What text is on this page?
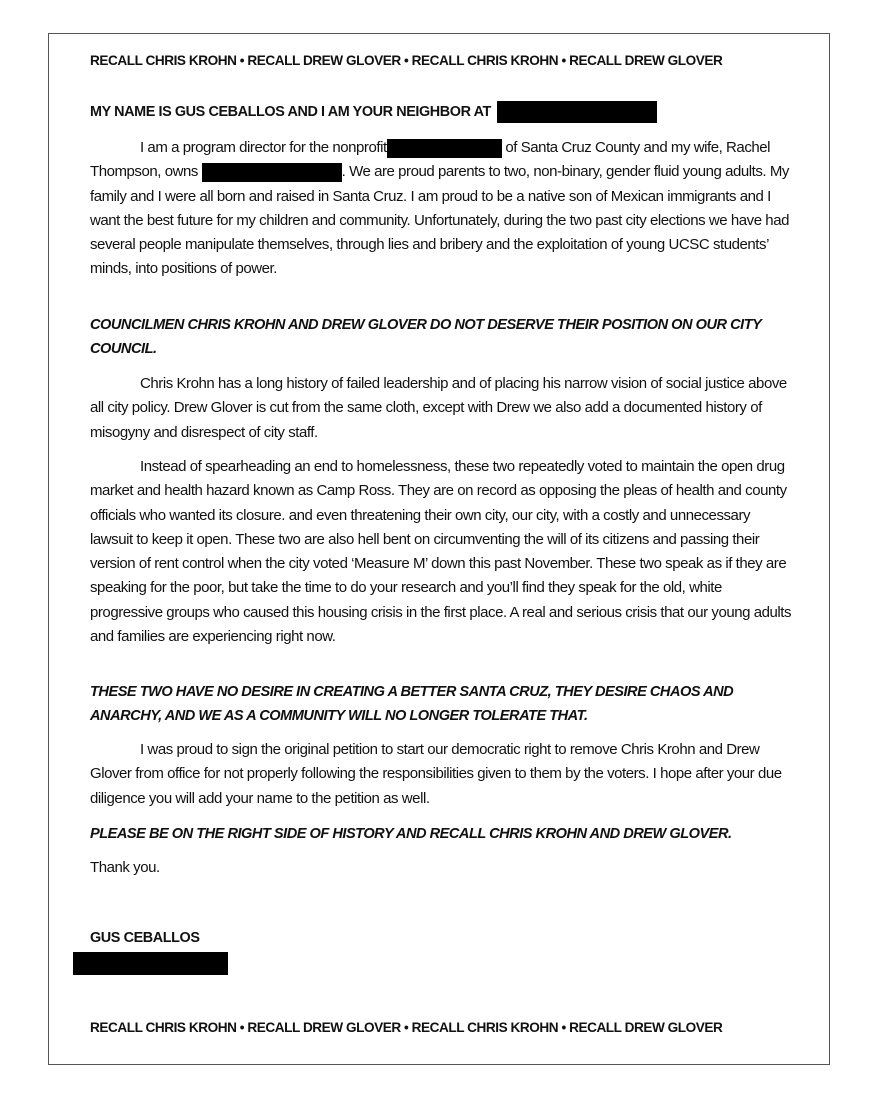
RECALL CHRIS KROHN • RECALL DREW GLOVER • RECALL CHRIS KROHN • RECALL DREW GLOVER
MY NAME IS GUS CEBALLOS AND I AM YOUR NEIGHBOR AT

I am a program director for the nonprofit	of Santa Cruz County and my wife, Rachel Thompson, owns	. We are proud parents to two, non-binary, gender fluid young adults. My family and I were all born and raised in Santa Cruz. I am proud to be a native son of Mexican immigrants and I want the best future for my children and community. Unfortunately, during the two past city elections we have had several people manipulate themselves, through lies and bribery and the exploitation of young UCSC students’ minds, into positions of power.

COUNCILMEN CHRIS KROHN AND DREW GLOVER DO NOT DESERVE THEIR POSITION ON OUR CITY COUNCIL.

Chris Krohn has a long history of failed leadership and of placing his narrow vision of social justice above all city policy. Drew Glover is cut from the same cloth, except with Drew we also add a documented history of misogyny and disrespect of city staff.

Instead of spearheading an end to homelessness, these two repeatedly voted to maintain the open drug market and health hazard known as Camp Ross. They are on record as opposing the pleas of health and county officials who wanted its closure. and even threatening their own city, our city, with a costly and unnecessary lawsuit to keep it open. These two are also hell bent on circumventing the will of its citizens and passing their version of rent control when the city voted ‘Measure M’ down this past November. These two speak as if they are speaking for the poor, but take the time to do your research and you’ll find they speak for the old, white progressive groups who caused this housing crisis in the first place. A real and serious crisis that our young adults and families are experiencing right now.

THESE TWO HAVE NO DESIRE IN CREATING A BETTER SANTA CRUZ, THEY DESIRE CHAOS AND ANARCHY, AND WE AS A COMMUNITY WILL NO LONGER TOLERATE THAT.

I was proud to sign the original petition to start our democratic right to remove Chris Krohn and Drew Glover from office for not properly following the responsibilities given to them by the voters. I hope after your due diligence you will add your name to the petition as well.

PLEASE BE ON THE RIGHT SIDE OF HISTORY AND RECALL CHRIS KROHN AND DREW GLOVER.

Thank you.

GUS CEBALLOS
RECALL CHRIS KROHN • RECALL DREW GLOVER • RECALL CHRIS KROHN • RECALL DREW GLOVER
